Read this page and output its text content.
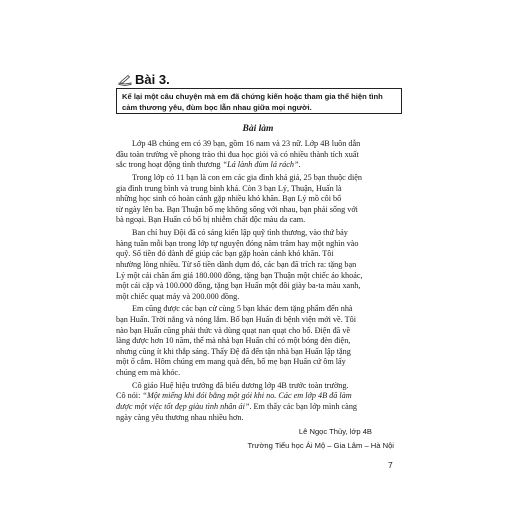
Bài 3.
Kể lại một câu chuyện mà em đã chứng kiến hoặc tham gia thể hiện tình
cảm thương yêu, đùm bọc lẫn nhau giữa mọi người.
Bài làm

Lớp 4B chúng em có 39 bạn, gồm 16 nam và 23 nữ. Lớp 4B luôn dẫn
đầu toàn trường về phong trào thi đua học giỏi và có nhiều thành tích xuất
sắc trong hoạt động tình thương “Lá lành đùm lá rách”.

Trong lớp có 11 bạn là con em các gia đình khá giả, 25 bạn thuộc diện
gia đình trung bình và trung bình khá. Còn 3 bạn Lý, Thuận, Huấn là
những học sinh có hoàn cảnh gặp nhiều khó khăn. Bạn Lý mồ côi bố
từ ngày lên ba. Bạn Thuận bố mẹ không sống với nhau, bạn phải sống với
bà ngoại. Bạn Huấn có bố bị nhiễm chất độc màu da cam.

Ban chỉ huy Đội đã có sáng kiến lập quỹ tình thương, vào thứ bảy
hàng tuần mỗi bạn trong lớp tự nguyện đóng năm trăm hay một nghìn vào
quỹ. Số tiền đó dành để giúp các bạn gặp hoàn cảnh khó khăn. Tôi
nhường lòng nhiều. Từ số tiền dành dụm đó, các bạn đã trích ra: tặng bạn
Lý một cái chăn ấm giá 180.000 đồng, tặng bạn Thuận một chiếc áo khoác,
một cái cặp và 100.000 đồng, tặng bạn Huấn một đôi giày ba-ta màu xanh,
một chiếc quạt máy và 200.000 đồng.

Em cũng được các bạn cử cùng 5 bạn khác đem tặng phẩm đến nhà
bạn Huấn. Trời nắng và nóng lắm. Bố bạn Huấn đi bệnh viện mới về. Tôi
nào bạn Huấn cũng phải thức và dùng quạt nan quạt cho bố. Điện đã về
làng được hơn 10 năm, thế mà nhà bạn Huấn chỉ có một bóng đèn điện,
nhưng cũng ít khi thắp sáng. Thấy Đệ đã đến tận nhà bạn Huấn lập tặng
một ổ cắm. Hôm chúng em mang quà đến, bố mẹ bạn Huấn cứ ôm lấy
chúng em mà khóc.

Cô giáo Huệ hiệu trưởng đã biểu dương lớp 4B trước toàn trường.
Cô nói: “Một miếng khi đói bằng một gói khi no. Các em lớp 4B đã làm
được một việc tốt đẹp giàu tình nhân ái”. Em thấy các bạn lớp mình càng
ngày càng yêu thương nhau nhiều hơn.

Lê Ngọc Thủy, lớp 4B
Trường Tiểu học Ái Mộ – Gia Lâm – Hà Nội
7
